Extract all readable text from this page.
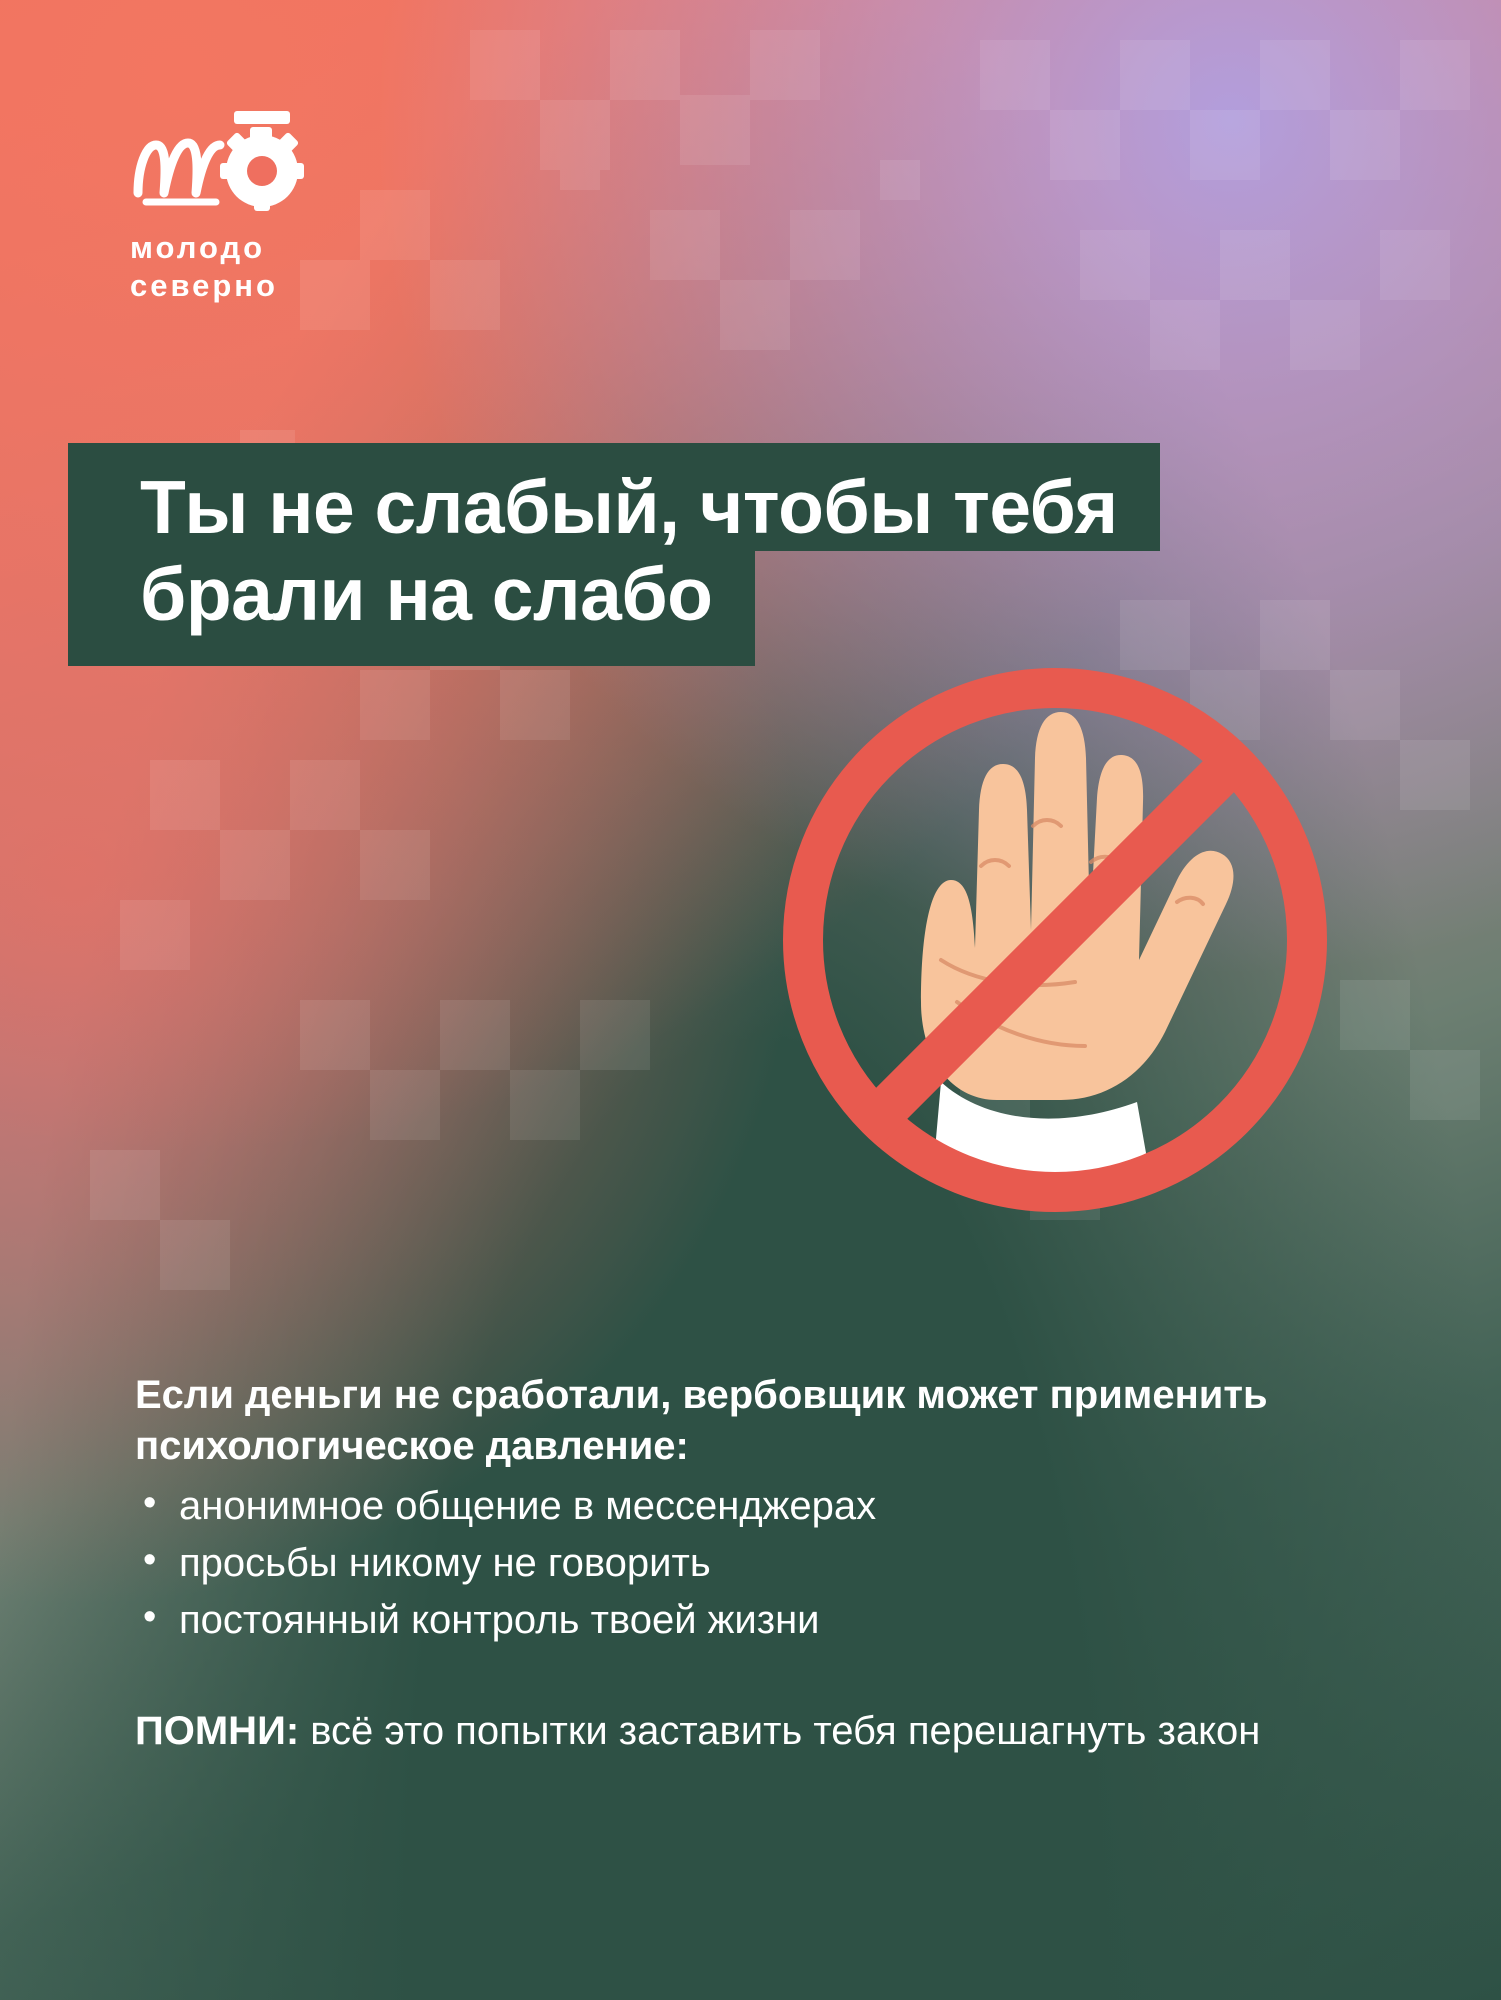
молодо
северно
Ты не слабый, чтобы тебя
брали на слабо

Если деньги не сработали, вербовщик может применить психологическое давление:

• анонимное общение в мессенджерах
• просьбы никому не говорить
• постоянный контроль твоей жизни

ПОМНИ: всё это попытки заставить тебя перешагнуть закон
